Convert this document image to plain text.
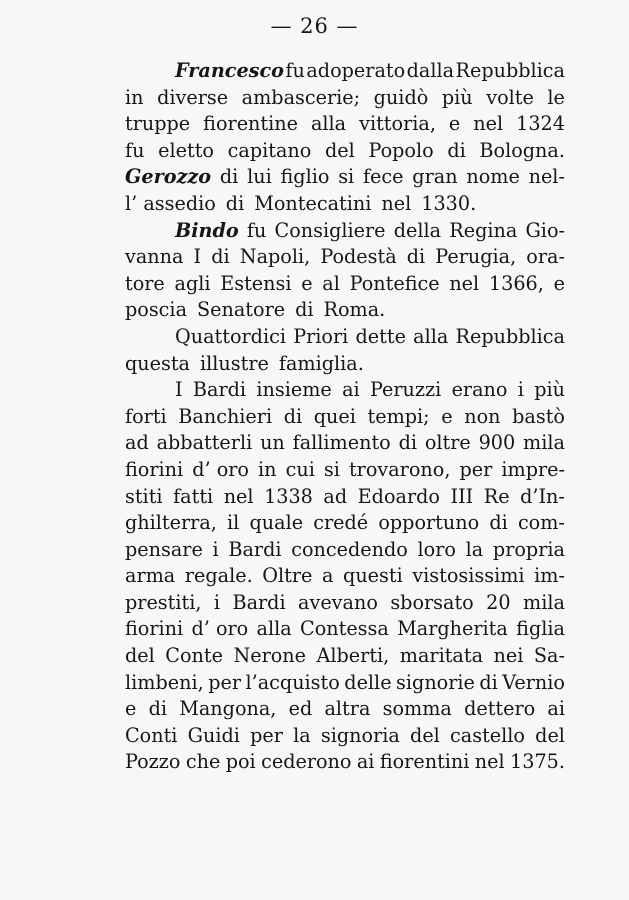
— 26 —
Francesco fu adoperato dalla Repubblica
in diverse ambascerie; guidò più volte le
truppe fiorentine alla vittoria, e nel 1324
fu eletto capitano del Popolo di Bologna.
Gerozzo di lui figlio si fece gran nome nel-
l’ assedio di Montecatini nel 1330.
Bindo fu Consigliere della Regina Gio-
vanna I di Napoli, Podestà di Perugia, ora-
tore agli Estensi e al Pontefice nel 1366, e
poscia Senatore di Roma.
Quattordici Priori dette alla Repubblica
questa illustre famiglia.
I Bardi insieme ai Peruzzi erano i più
forti Banchieri di quei tempi; e non bastò
ad abbatterli un fallimento di oltre 900 mila
fiorini d’ oro in cui si trovarono, per impre-
stiti fatti nel 1338 ad Edoardo III Re d’In-
ghilterra, il quale credé opportuno di com-
pensare i Bardi concedendo loro la propria
arma regale. Oltre a questi vistosissimi im-
prestiti, i Bardi avevano sborsato 20 mila
fiorini d’ oro alla Contessa Margherita figlia
del Conte Nerone Alberti, maritata nei Sa-
limbeni, per l’acquisto delle signorie di Vernio
e di Mangona, ed altra somma dettero ai
Conti Guidi per la signoria del castello del
Pozzo che poi cederono ai fiorentini nel 1375.
